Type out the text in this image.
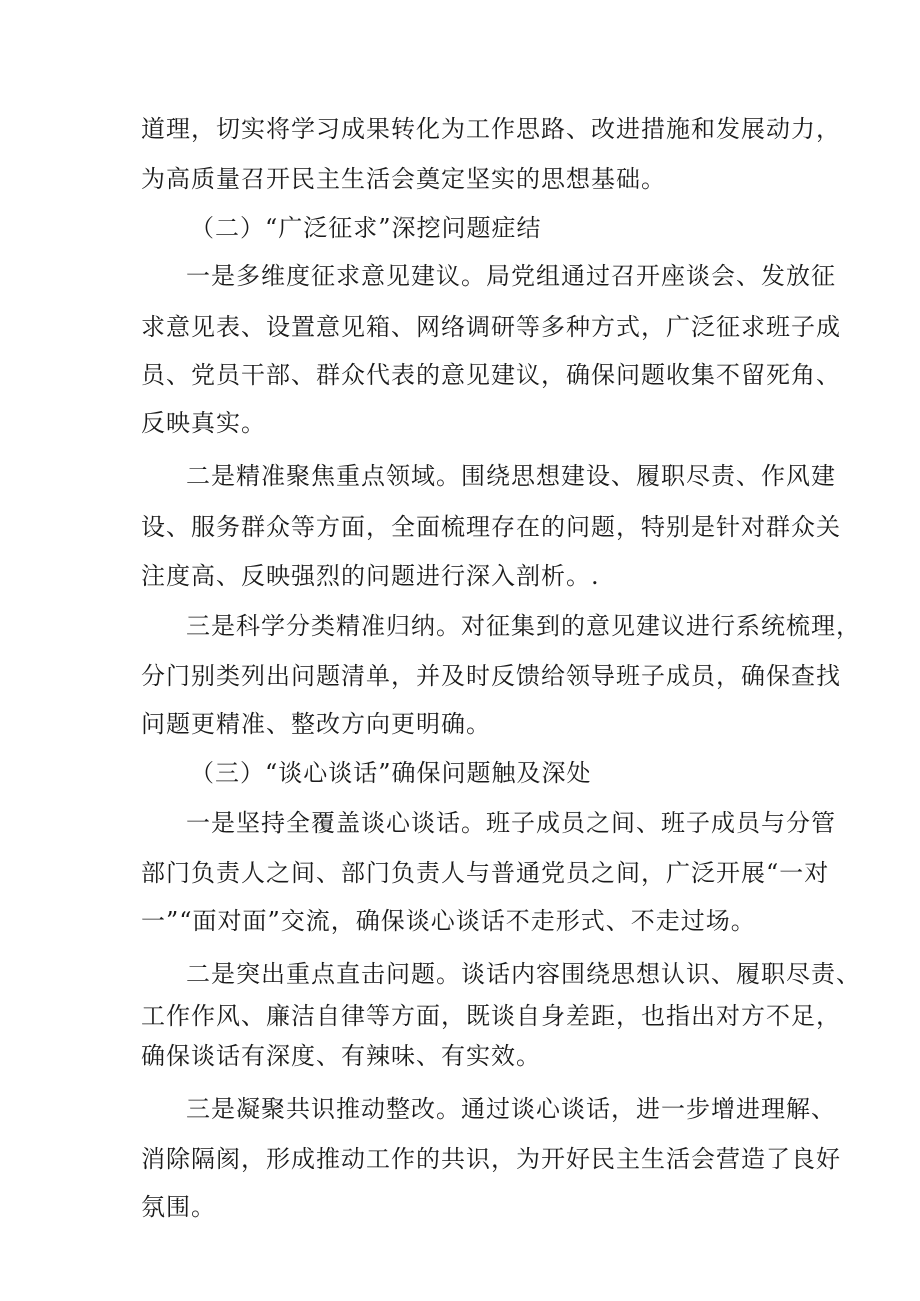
道理，切实将学习成果转化为工作思路、改进措施和发展动力，
为高质量召开民主生活会奠定坚实的思想基础。
（二）“广泛征求”深挖问题症结
一是多维度征求意见建议。局党组通过召开座谈会、发放征
求意见表、设置意见箱、网络调研等多种方式，广泛征求班子成
员、党员干部、群众代表的意见建议，确保问题收集不留死角、
反映真实。
二是精准聚焦重点领域。围绕思想建设、履职尽责、作风建
设、服务群众等方面，全面梳理存在的问题，特别是针对群众关
注度高、反映强烈的问题进行深入剖析。.
三是科学分类精准归纳。对征集到的意见建议进行系统梳理，
分门别类列出问题清单，并及时反馈给领导班子成员，确保查找
问题更精准、整改方向更明确。
（三）“谈心谈话”确保问题触及深处
一是坚持全覆盖谈心谈话。班子成员之间、班子成员与分管
部门负责人之间、部门负责人与普通党员之间，广泛开展“一对
一”“面对面”交流，确保谈心谈话不走形式、不走过场。
二是突出重点直击问题。谈话内容围绕思想认识、履职尽责、
工作作风、廉洁自律等方面，既谈自身差距，也指出对方不足，
确保谈话有深度、有辣味、有实效。
三是凝聚共识推动整改。通过谈心谈话，进一步增进理解、
消除隔阂，形成推动工作的共识，为开好民主生活会营造了良好
氛围。
